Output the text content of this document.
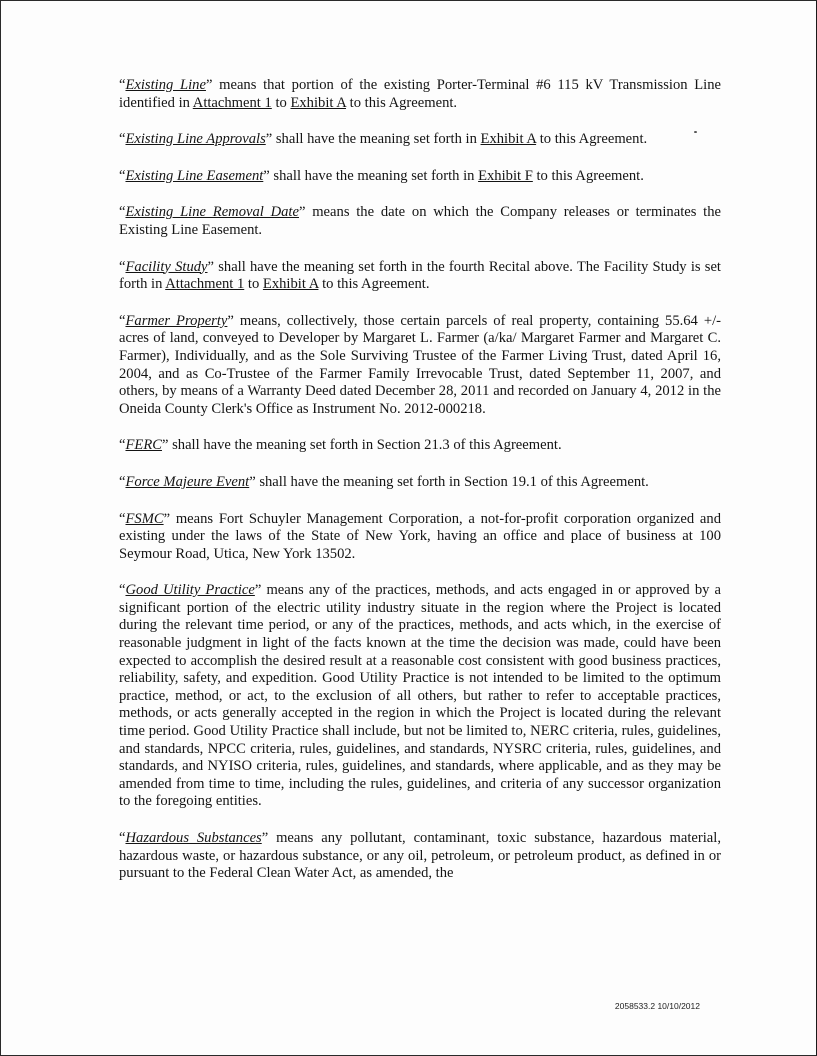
“Existing Line” means that portion of the existing Porter-Terminal #6 115 kV Transmission Line identified in Attachment 1 to Exhibit A to this Agreement.

“Existing Line Approvals” shall have the meaning set forth in Exhibit A to this Agreement.

“Existing Line Easement” shall have the meaning set forth in Exhibit F to this Agreement.

“Existing Line Removal Date” means the date on which the Company releases or terminates the Existing Line Easement.

“Facility Study” shall have the meaning set forth in the fourth Recital above. The Facility Study is set forth in Attachment 1 to Exhibit A to this Agreement.

“Farmer Property” means, collectively, those certain parcels of real property, containing 55.64 +/- acres of land, conveyed to Developer by Margaret L. Farmer (a/ka/ Margaret Farmer and Margaret C. Farmer), Individually, and as the Sole Surviving Trustee of the Farmer Living Trust, dated April 16, 2004, and as Co-Trustee of the Farmer Family Irrevocable Trust, dated September 11, 2007, and others, by means of a Warranty Deed dated December 28, 2011 and recorded on January 4, 2012 in the Oneida County Clerk's Office as Instrument No. 2012-000218.

“FERC” shall have the meaning set forth in Section 21.3 of this Agreement.

“Force Majeure Event” shall have the meaning set forth in Section 19.1 of this Agreement.

“FSMC” means Fort Schuyler Management Corporation, a not-for-profit corporation organized and existing under the laws of the State of New York, having an office and place of business at 100 Seymour Road, Utica, New York 13502.

“Good Utility Practice” means any of the practices, methods, and acts engaged in or approved by a significant portion of the electric utility industry situate in the region where the Project is located during the relevant time period, or any of the practices, methods, and acts which, in the exercise of reasonable judgment in light of the facts known at the time the decision was made, could have been expected to accomplish the desired result at a reasonable cost consistent with good business practices, reliability, safety, and expedition. Good Utility Practice is not intended to be limited to the optimum practice, method, or act, to the exclusion of all others, but rather to refer to acceptable practices, methods, or acts generally accepted in the region in which the Project is located during the relevant time period. Good Utility Practice shall include, but not be limited to, NERC criteria, rules, guidelines, and standards, NPCC criteria, rules, guidelines, and standards, NYSRC criteria, rules, guidelines, and standards, and NYISO criteria, rules, guidelines, and standards, where applicable, and as they may be amended from time to time, including the rules, guidelines, and criteria of any successor organization to the foregoing entities.

“Hazardous Substances” means any pollutant, contaminant, toxic substance, hazardous material, hazardous waste, or hazardous substance, or any oil, petroleum, or petroleum product, as defined in or pursuant to the Federal Clean Water Act, as amended, the

2058533.2 10/10/2012
